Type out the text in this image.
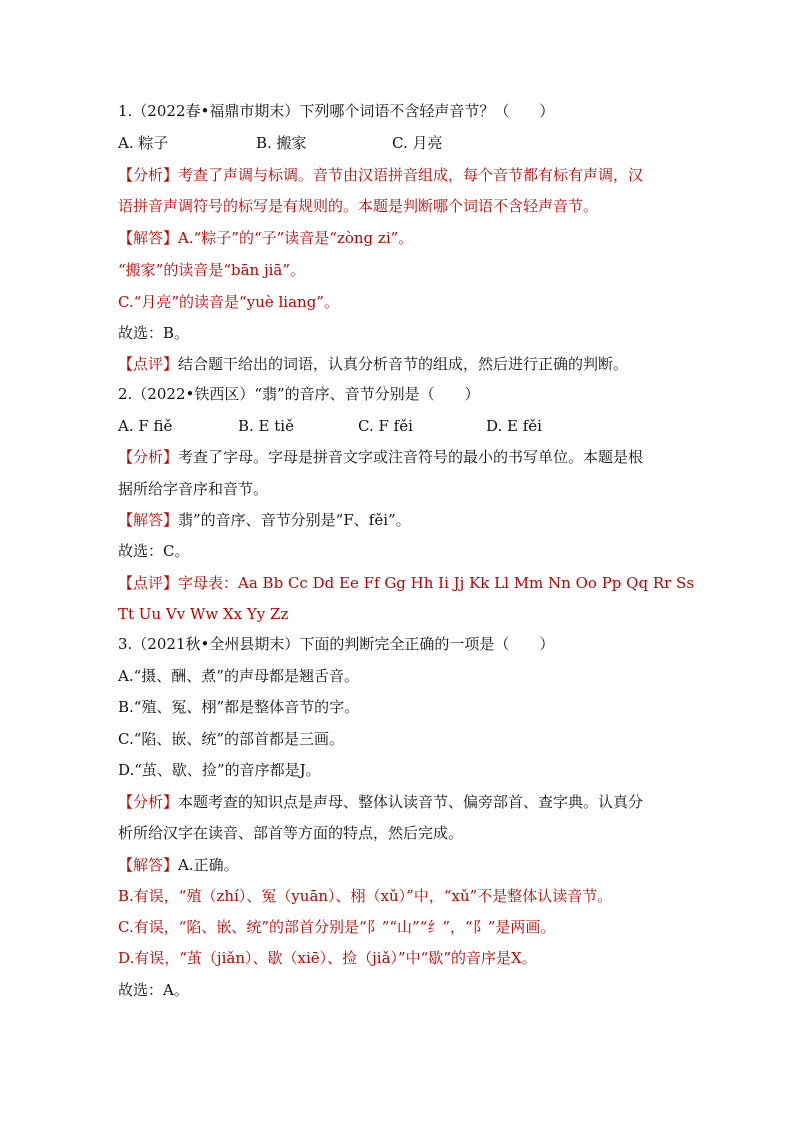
1.（2022春•福鼎市期末）下列哪个词语不含轻声音节？（　　）
A. 粽子	B. 搬家	C. 月亮
【分析】考查了声调与标调。音节由汉语拼音组成，每个音节都有标有声调，汉
语拼音声调符号的标写是有规则的。本题是判断哪个词语不含轻声音节。
【解答】A.“粽子”的“子”读音是“zòng zi”。
“搬家”的读音是“bān jiā”。
C.“月亮”的读音是“yuè liang”。
故选：B。
【点评】结合题干给出的词语，认真分析音节的组成，然后进行正确的判断。
2.（2022•铁西区）“翡”的音序、音节分别是（　　）
A. F fiě	B. E tiě	C. F fěi	D. E fěi
【分析】考查了字母。字母是拼音文字或注音符号的最小的书写单位。本题是根
据所给字音序和音节。
【解答】翡”的音序、音节分别是“F、fěi”。
故选：C。
【点评】字母表：Aa Bb Cc Dd Ee Ff Gg Hh Ii Jj Kk Ll Mm Nn Oo Pp Qq Rr Ss
Tt Uu Vv Ww Xx Yy Zz
3.（2021秋•全州县期末）下面的判断完全正确的一项是（　　）
A.“摄、酬、煮”的声母都是翘舌音。
B.“殖、冤、栩”都是整体音节的字。
C.“陷、嵌、统”的部首都是三画。
D.“茧、歇、捡”的音序都是J。
【分析】本题考查的知识点是声母、整体认读音节、偏旁部首、查字典。认真分
析所给汉字在读音、部首等方面的特点，然后完成。
【解答】A.正确。
B.有误，“殖（zhí）、冤（yuān）、栩（xǔ）”中，“xǔ”不是整体认读音节。
C.有误，“陷、嵌、统”的部首分别是“阝”“山”“纟”，“阝”是两画。
D.有误，“茧（jiǎn）、歇（xiē）、捡（jiǎ）”中“歇”的音序是X。
故选：A。
